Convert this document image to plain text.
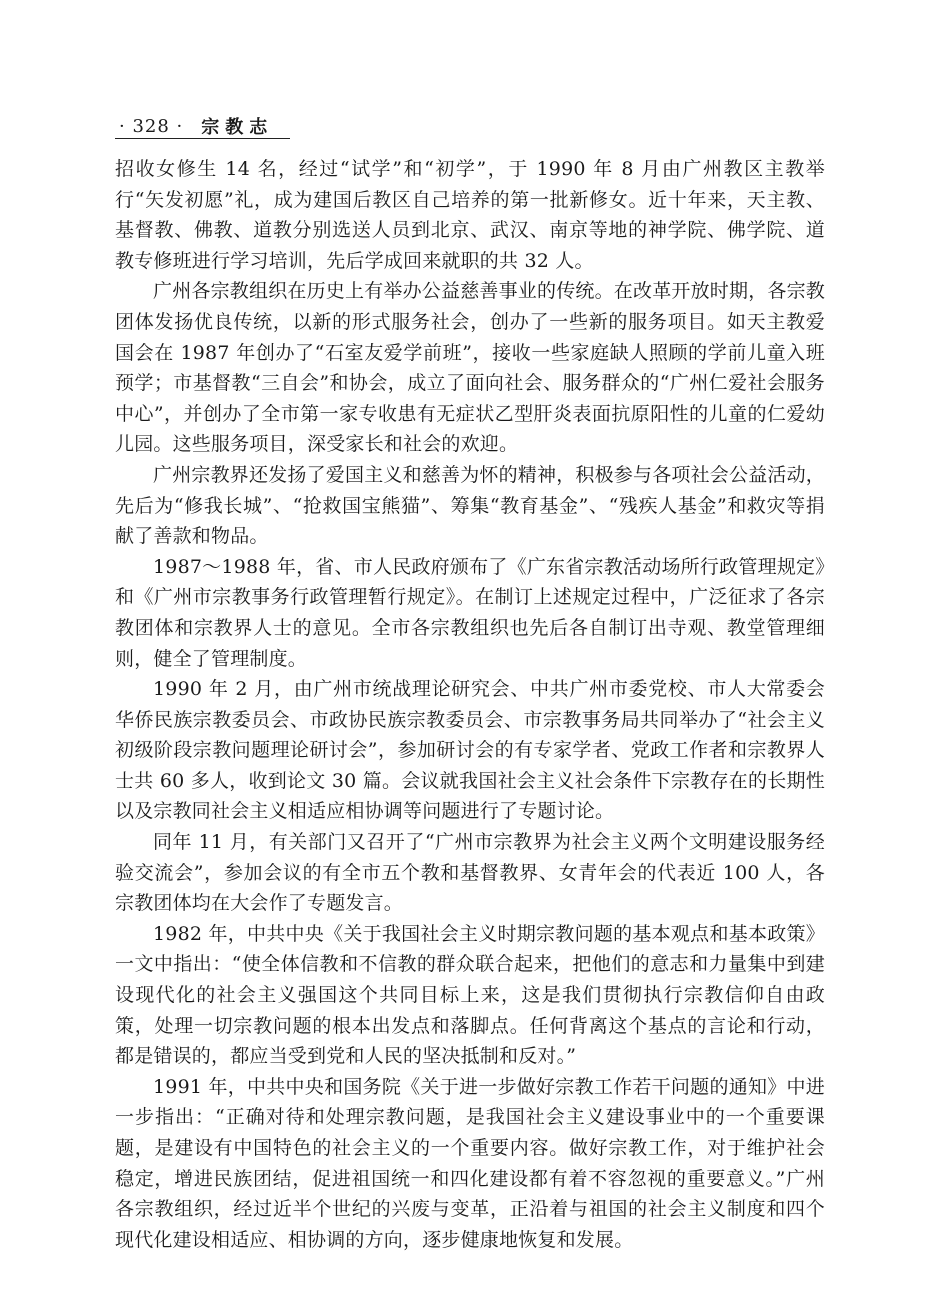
· 328 · 宗教志

招收女修生 14 名，经过“试学”和“初学”，于 1990 年 8 月由广州教区主教举行“矢发初愿”礼，成为建国后教区自己培养的第一批新修女。近十年来，天主教、基督教、佛教、道教分别选送人员到北京、武汉、南京等地的神学院、佛学院、道教专修班进行学习培训，先后学成回来就职的共 32 人。

广州各宗教组织在历史上有举办公益慈善事业的传统。在改革开放时期，各宗教团体发扬优良传统，以新的形式服务社会，创办了一些新的服务项目。如天主教爱国会在 1987 年创办了“石室友爱学前班”，接收一些家庭缺人照顾的学前儿童入班预学；市基督教“三自会”和协会，成立了面向社会、服务群众的“广州仁爱社会服务中心”，并创办了全市第一家专收患有无症状乙型肝炎表面抗原阳性的儿童的仁爱幼儿园。这些服务项目，深受家长和社会的欢迎。

广州宗教界还发扬了爱国主义和慈善为怀的精神，积极参与各项社会公益活动，先后为“修我长城”、“抢救国宝熊猫”、筹集“教育基金”、“残疾人基金”和救灾等捐献了善款和物品。

1987～1988 年，省、市人民政府颁布了《广东省宗教活动场所行政管理规定》和《广州市宗教事务行政管理暂行规定》。在制订上述规定过程中，广泛征求了各宗教团体和宗教界人士的意见。全市各宗教组织也先后各自制订出寺观、教堂管理细则，健全了管理制度。

1990 年 2 月，由广州市统战理论研究会、中共广州市委党校、市人大常委会华侨民族宗教委员会、市政协民族宗教委员会、市宗教事务局共同举办了“社会主义初级阶段宗教问题理论研讨会”，参加研讨会的有专家学者、党政工作者和宗教界人士共 60 多人，收到论文 30 篇。会议就我国社会主义社会条件下宗教存在的长期性以及宗教同社会主义相适应相协调等问题进行了专题讨论。

同年 11 月，有关部门又召开了“广州市宗教界为社会主义两个文明建设服务经验交流会”，参加会议的有全市五个教和基督教界、女青年会的代表近 100 人，各宗教团体均在大会作了专题发言。

1982 年，中共中央《关于我国社会主义时期宗教问题的基本观点和基本政策》一文中指出：“使全体信教和不信教的群众联合起来，把他们的意志和力量集中到建设现代化的社会主义强国这个共同目标上来，这是我们贯彻执行宗教信仰自由政策，处理一切宗教问题的根本出发点和落脚点。任何背离这个基点的言论和行动，都是错误的，都应当受到党和人民的坚决抵制和反对。”

1991 年，中共中央和国务院《关于进一步做好宗教工作若干问题的通知》中进一步指出：“正确对待和处理宗教问题，是我国社会主义建设事业中的一个重要课题，是建设有中国特色的社会主义的一个重要内容。做好宗教工作，对于维护社会稳定，增进民族团结，促进祖国统一和四化建设都有着不容忽视的重要意义。”广州各宗教组织，经过近半个世纪的兴废与变革，正沿着与祖国的社会主义制度和四个现代化建设相适应、相协调的方向，逐步健康地恢复和发展。
